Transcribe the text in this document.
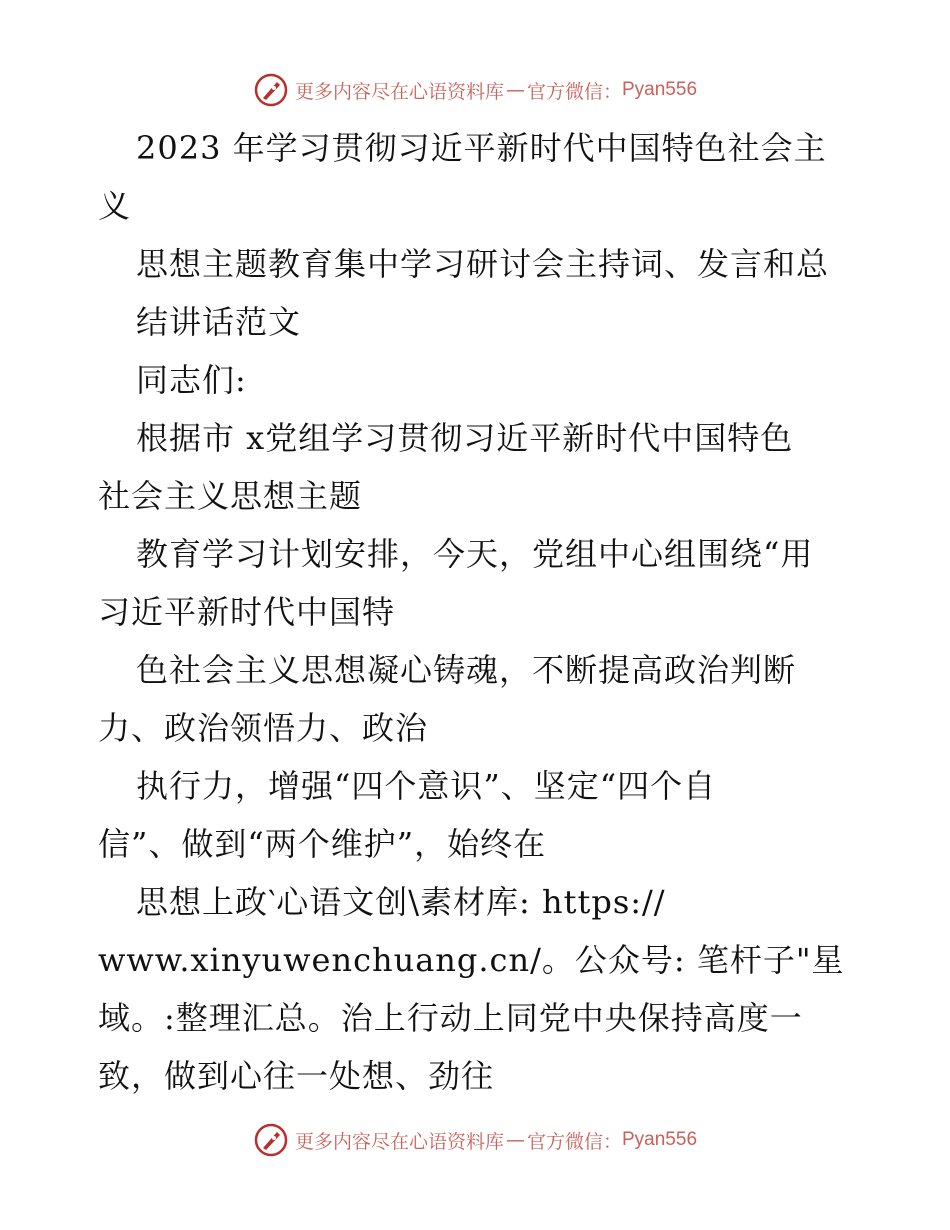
更多内容尽在心语资料库 — 官方微信： Pyan556
2023 年学习贯彻习近平新时代中国特色社会主
义
思想主题教育集中学习研讨会主持词、发言和总
结讲话范文
同志们:
根据市 x党组学习贯彻习近平新时代中国特色
社会主义思想主题
教育学习计划安排，今天，党组中心组围绕“用
习近平新时代中国特
色社会主义思想凝心铸魂，不断提高政治判断
力、政治领悟力、政治
执行力，增强“四个意识”、坚定“四个自
信”、做到“两个维护”，始终在
思想上政‵心语文创\素材库: https://
www.xinyuwenchuang.cn/。公众号: 笔杆子"星
域。:整理汇总。治上行动上同党中央保持高度一
致，做到心往一处想、劲往
更多内容尽在心语资料库 — 官方微信： Pyan556
